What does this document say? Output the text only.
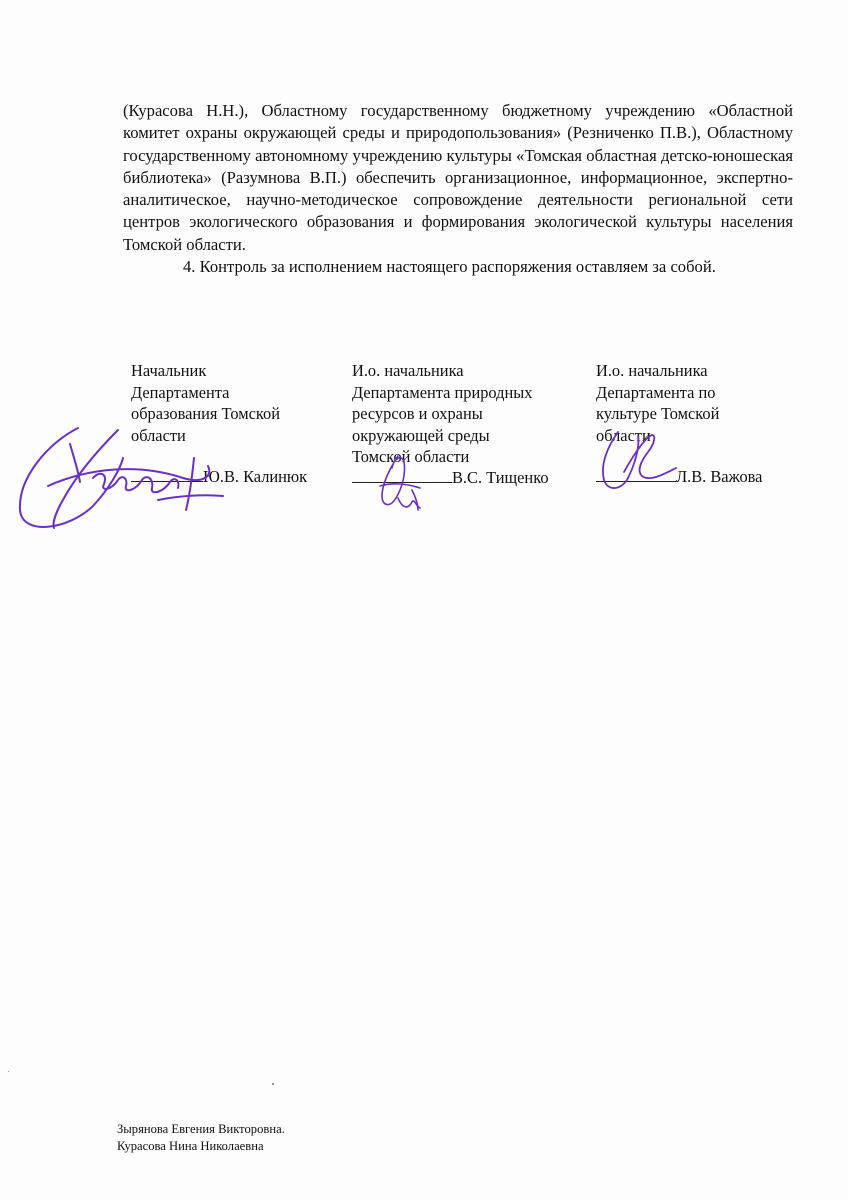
(Курасова Н.Н.), Областному государственному бюджетному учреждению «Областной комитет охраны окружающей среды и природопользования» (Резниченко П.В.), Областному государственному автономному учреждению культуры «Томская областная детско-юношеская библиотека» (Разумнова В.П.) обеспечить организационное, информационное, экспертно-аналитическое, научно-методическое сопровождение деятельности региональной сети центров экологического образования и формирования экологической культуры населения Томской области.

4. Контроль за исполнением настоящего распоряжения оставляем за собой.

Начальник
Департамента
образования Томской
области

Ю.В. Калинюк

И.о. начальника
Департамента природных
ресурсов и охраны
окружающей среды
Томской области

В.С. Тищенко

И.о. начальника
Департамента по
культуре Томской
области

Л.В. Важова

Зырянова Евгения Викторовна.

Курасова Нина Николаевна
